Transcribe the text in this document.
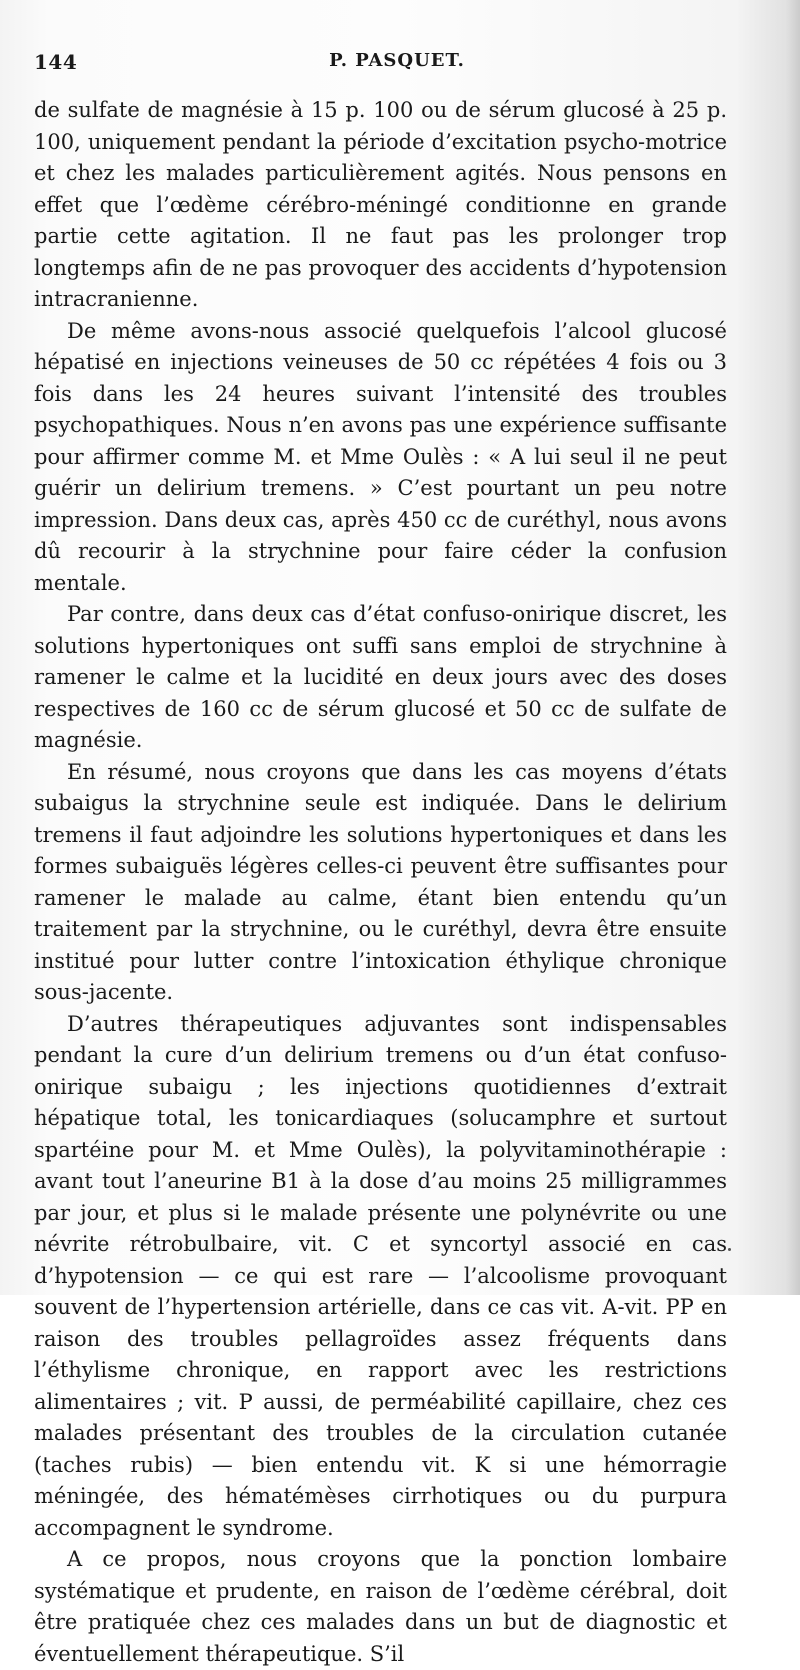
144	P. PASQUET.

de sulfate de magnésie à 15 p. 100 ou de sérum glucosé à 25 p. 100, uniquement pendant la période d’excitation psycho-motrice et chez les malades particulièrement agités. Nous pensons en effet que l’œdème cérébro-méningé conditionne en grande partie cette agitation. Il ne faut pas les prolonger trop longtemps afin de ne pas provoquer des accidents d’hypotension intracranienne.

De même avons-nous associé quelquefois l’alcool glucosé hépatisé en injections veineuses de 50 cc répétées 4 fois ou 3 fois dans les 24 heures suivant l’intensité des troubles psychopathiques. Nous n’en avons pas une expérience suffisante pour affirmer comme M. et Mme Oulès : « A lui seul il ne peut guérir un delirium tremens. » C’est pourtant un peu notre impression. Dans deux cas, après 450 cc de curéthyl, nous avons dû recourir à la strychnine pour faire céder la confusion mentale.

Par contre, dans deux cas d’état confuso-onirique discret, les solutions hypertoniques ont suffi sans emploi de strychnine à ramener le calme et la lucidité en deux jours avec des doses respectives de 160 cc de sérum glucosé et 50 cc de sulfate de magnésie.

En résumé, nous croyons que dans les cas moyens d’états subaigus la strychnine seule est indiquée. Dans le delirium tremens il faut adjoindre les solutions hypertoniques et dans les formes subaiguës légères celles-ci peuvent être suffisantes pour ramener le malade au calme, étant bien entendu qu’un traitement par la strychnine, ou le curéthyl, devra être ensuite institué pour lutter contre l’intoxication éthylique chronique sous-jacente.

D’autres thérapeutiques adjuvantes sont indispensables pendant la cure d’un delirium tremens ou d’un état confuso-onirique subaigu ; les injections quotidiennes d’extrait hépatique total, les tonicardiaques (solucamphre et surtout spartéine pour M. et Mme Oulès), la polyvitaminothérapie : avant tout l’aneurine B1 à la dose d’au moins 25 milligrammes par jour, et plus si le malade présente une polynévrite ou une névrite rétrobulbaire, vit. C et syncortyl associé en cas d’hypotension — ce qui est rare — l’alcoolisme provoquant souvent de l’hypertension artérielle, dans ce cas vit. A-vit. PP en raison des troubles pellagroïdes assez fréquents dans l’éthylisme chronique, en rapport avec les restrictions alimentaires ; vit. P aussi, de perméabilité capillaire, chez ces malades présentant des troubles de la circulation cutanée (taches rubis) — bien entendu vit. K si une hémorragie méningée, des hématémèses cirrhotiques ou du purpura accompagnent le syndrome.

A ce propos, nous croyons que la ponction lombaire systématique et prudente, en raison de l’œdème cérébral, doit être pratiquée chez ces malades dans un but de diagnostic et éventuellement thérapeutique. S’il
